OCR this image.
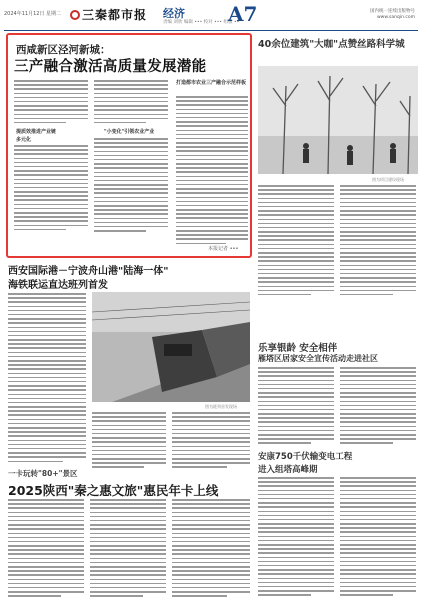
2024年11月12日 星期二	三秦都市报 经济
责编 刘欣 编辑 ••• 校对 ••• 组版 ••
A7	国内统一连续出版物号
www.sanqin.com
西咸新区泾河新城：
三产融合激活高质量发展潜能
提质效推进产业链
多元化
"小变化"引领农业产业
打造都市农业三产融合示范样板
本报记者 •••
40余位建筑"大咖"点赞丝路科学城
图为项目建设现场
西安国际港－宁波舟山港"陆海一体"
海铁联运直达班列首发
图为班列首发现场
乐享银龄 安全相伴
雁塔区居家安全宣传活动走进社区
安康750千伏输变电工程
进入组塔高峰期
一卡玩转"80+"景区
2025陕西"秦之惠文旅"惠民年卡上线
